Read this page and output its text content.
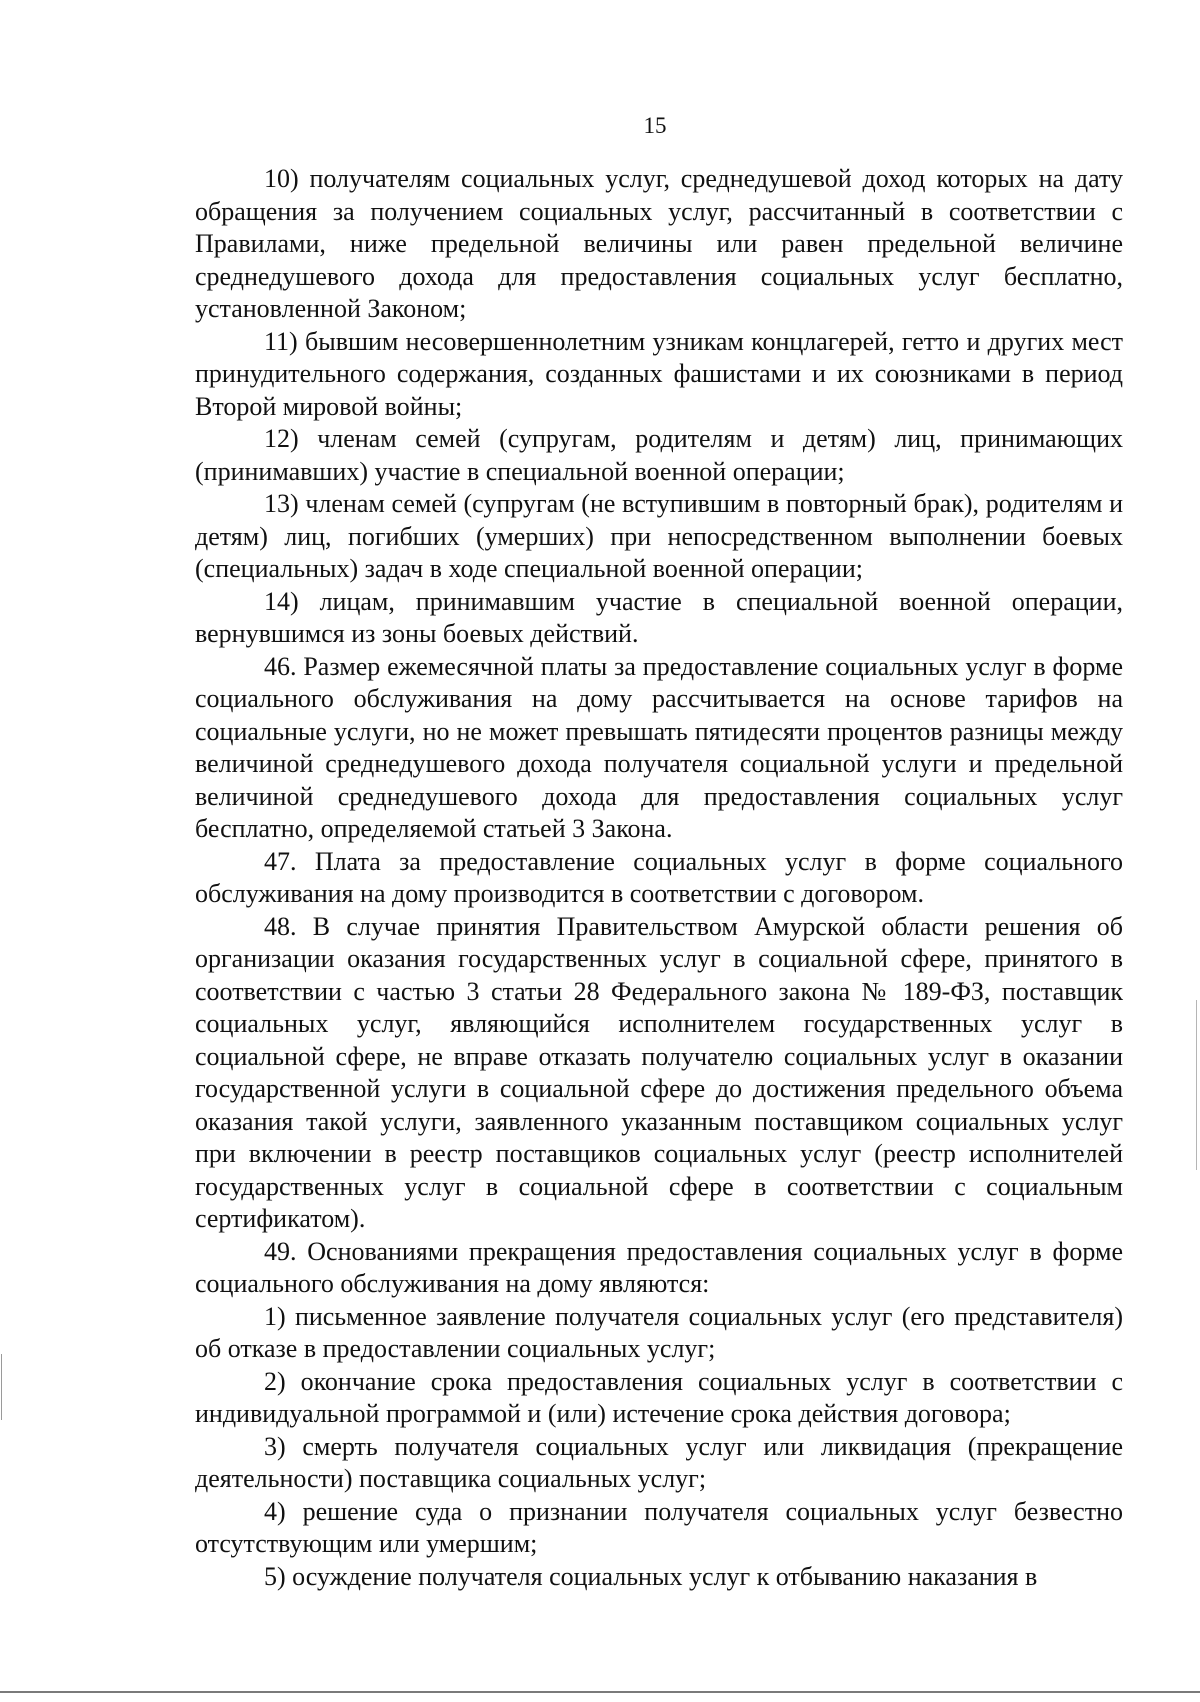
15

10) получателям социальных услуг, среднедушевой доход которых на дату обращения за получением социальных услуг, рассчитанный в соответствии с Правилами, ниже предельной величины или равен предельной величине среднедушевого дохода для предоставления социальных услуг бесплатно, установленной Законом;

11) бывшим несовершеннолетним узникам концлагерей, гетто и других мест принудительного содержания, созданных фашистами и их союзниками в период Второй мировой войны;

12) членам семей (супругам, родителям и детям) лиц, принимающих (принимавших) участие в специальной военной операции;

13) членам семей (супругам (не вступившим в повторный брак), родителям и детям) лиц, погибших (умерших) при непосредственном выполнении боевых (специальных) задач в ходе специальной военной операции;

14) лицам, принимавшим участие в специальной военной операции, вернувшимся из зоны боевых действий.

46. Размер ежемесячной платы за предоставление социальных услуг в форме социального обслуживания на дому рассчитывается на основе тарифов на социальные услуги, но не может превышать пятидесяти процентов разницы между величиной среднедушевого дохода получателя социальной услуги и предельной величиной среднедушевого дохода для предоставления социальных услуг бесплатно, определяемой статьей 3 Закона.

47. Плата за предоставление социальных услуг в форме социального обслуживания на дому производится в соответствии с договором.

48. В случае принятия Правительством Амурской области решения об организации оказания государственных услуг в социальной сфере, принятого в соответствии с частью 3 статьи 28 Федерального закона № 189-ФЗ, поставщик социальных услуг, являющийся исполнителем государственных услуг в социальной сфере, не вправе отказать получателю социальных услуг в оказании государственной услуги в социальной сфере до достижения предельного объема оказания такой услуги, заявленного указанным поставщиком социальных услуг при включении в реестр поставщиков социальных услуг (реестр исполнителей государственных услуг в социальной сфере в соответствии с социальным сертификатом).

49. Основаниями прекращения предоставления социальных услуг в форме социального обслуживания на дому являются:

1) письменное заявление получателя социальных услуг (его представителя) об отказе в предоставлении социальных услуг;

2) окончание срока предоставления социальных услуг в соответствии с индивидуальной программой и (или) истечение срока действия договора;

3) смерть получателя социальных услуг или ликвидация (прекращение деятельности) поставщика социальных услуг;

4) решение суда о признании получателя социальных услуг безвестно отсутствующим или умершим;

5) осуждение получателя социальных услуг к отбыванию наказания в
